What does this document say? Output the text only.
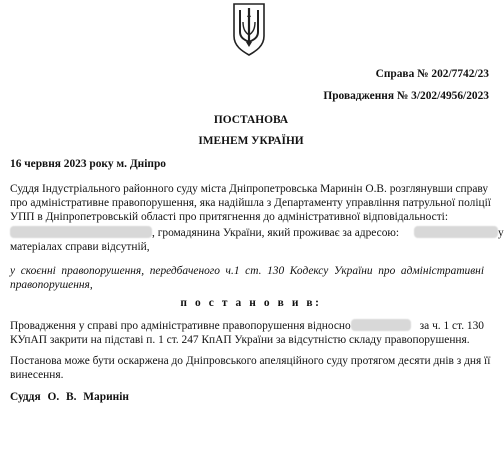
Справа № 202/7742/23
Провадження № 3/202/4956/2023
ПОСТАНОВА
ІМЕНЕМ УКРАЇНИ
16 червня 2023 року м. Дніпро
Суддя Індустріального районного суду міста Дніпропетровська Маринін О.В. розглянувши справу
про адміністративне правопорушення, яка надійшла з Департаменту управління патрульної поліції
УПП в Дніпропетровській області про притягнення до адміністративної відповідальності:
, громадянина України, який проживає за адресою:	у
матеріалах справи відсутній,
у скоєнні правопорушення, передбаченого ч.1 ст. 130 Кодексу України про адміністративні
правопорушення,
п о с т а н о в и в:
Провадження у справі про адміністративне правопорушення відносно	за ч. 1 ст. 130
КУпАП закрити на підставі п. 1 ст. 247 КпАП України за відсутністю складу правопорушення.
Постанова може бути оскаржена до Дніпровського апеляційного суду протягом десяти днів з дня її
винесення.
Суддя О. В. Маринін
